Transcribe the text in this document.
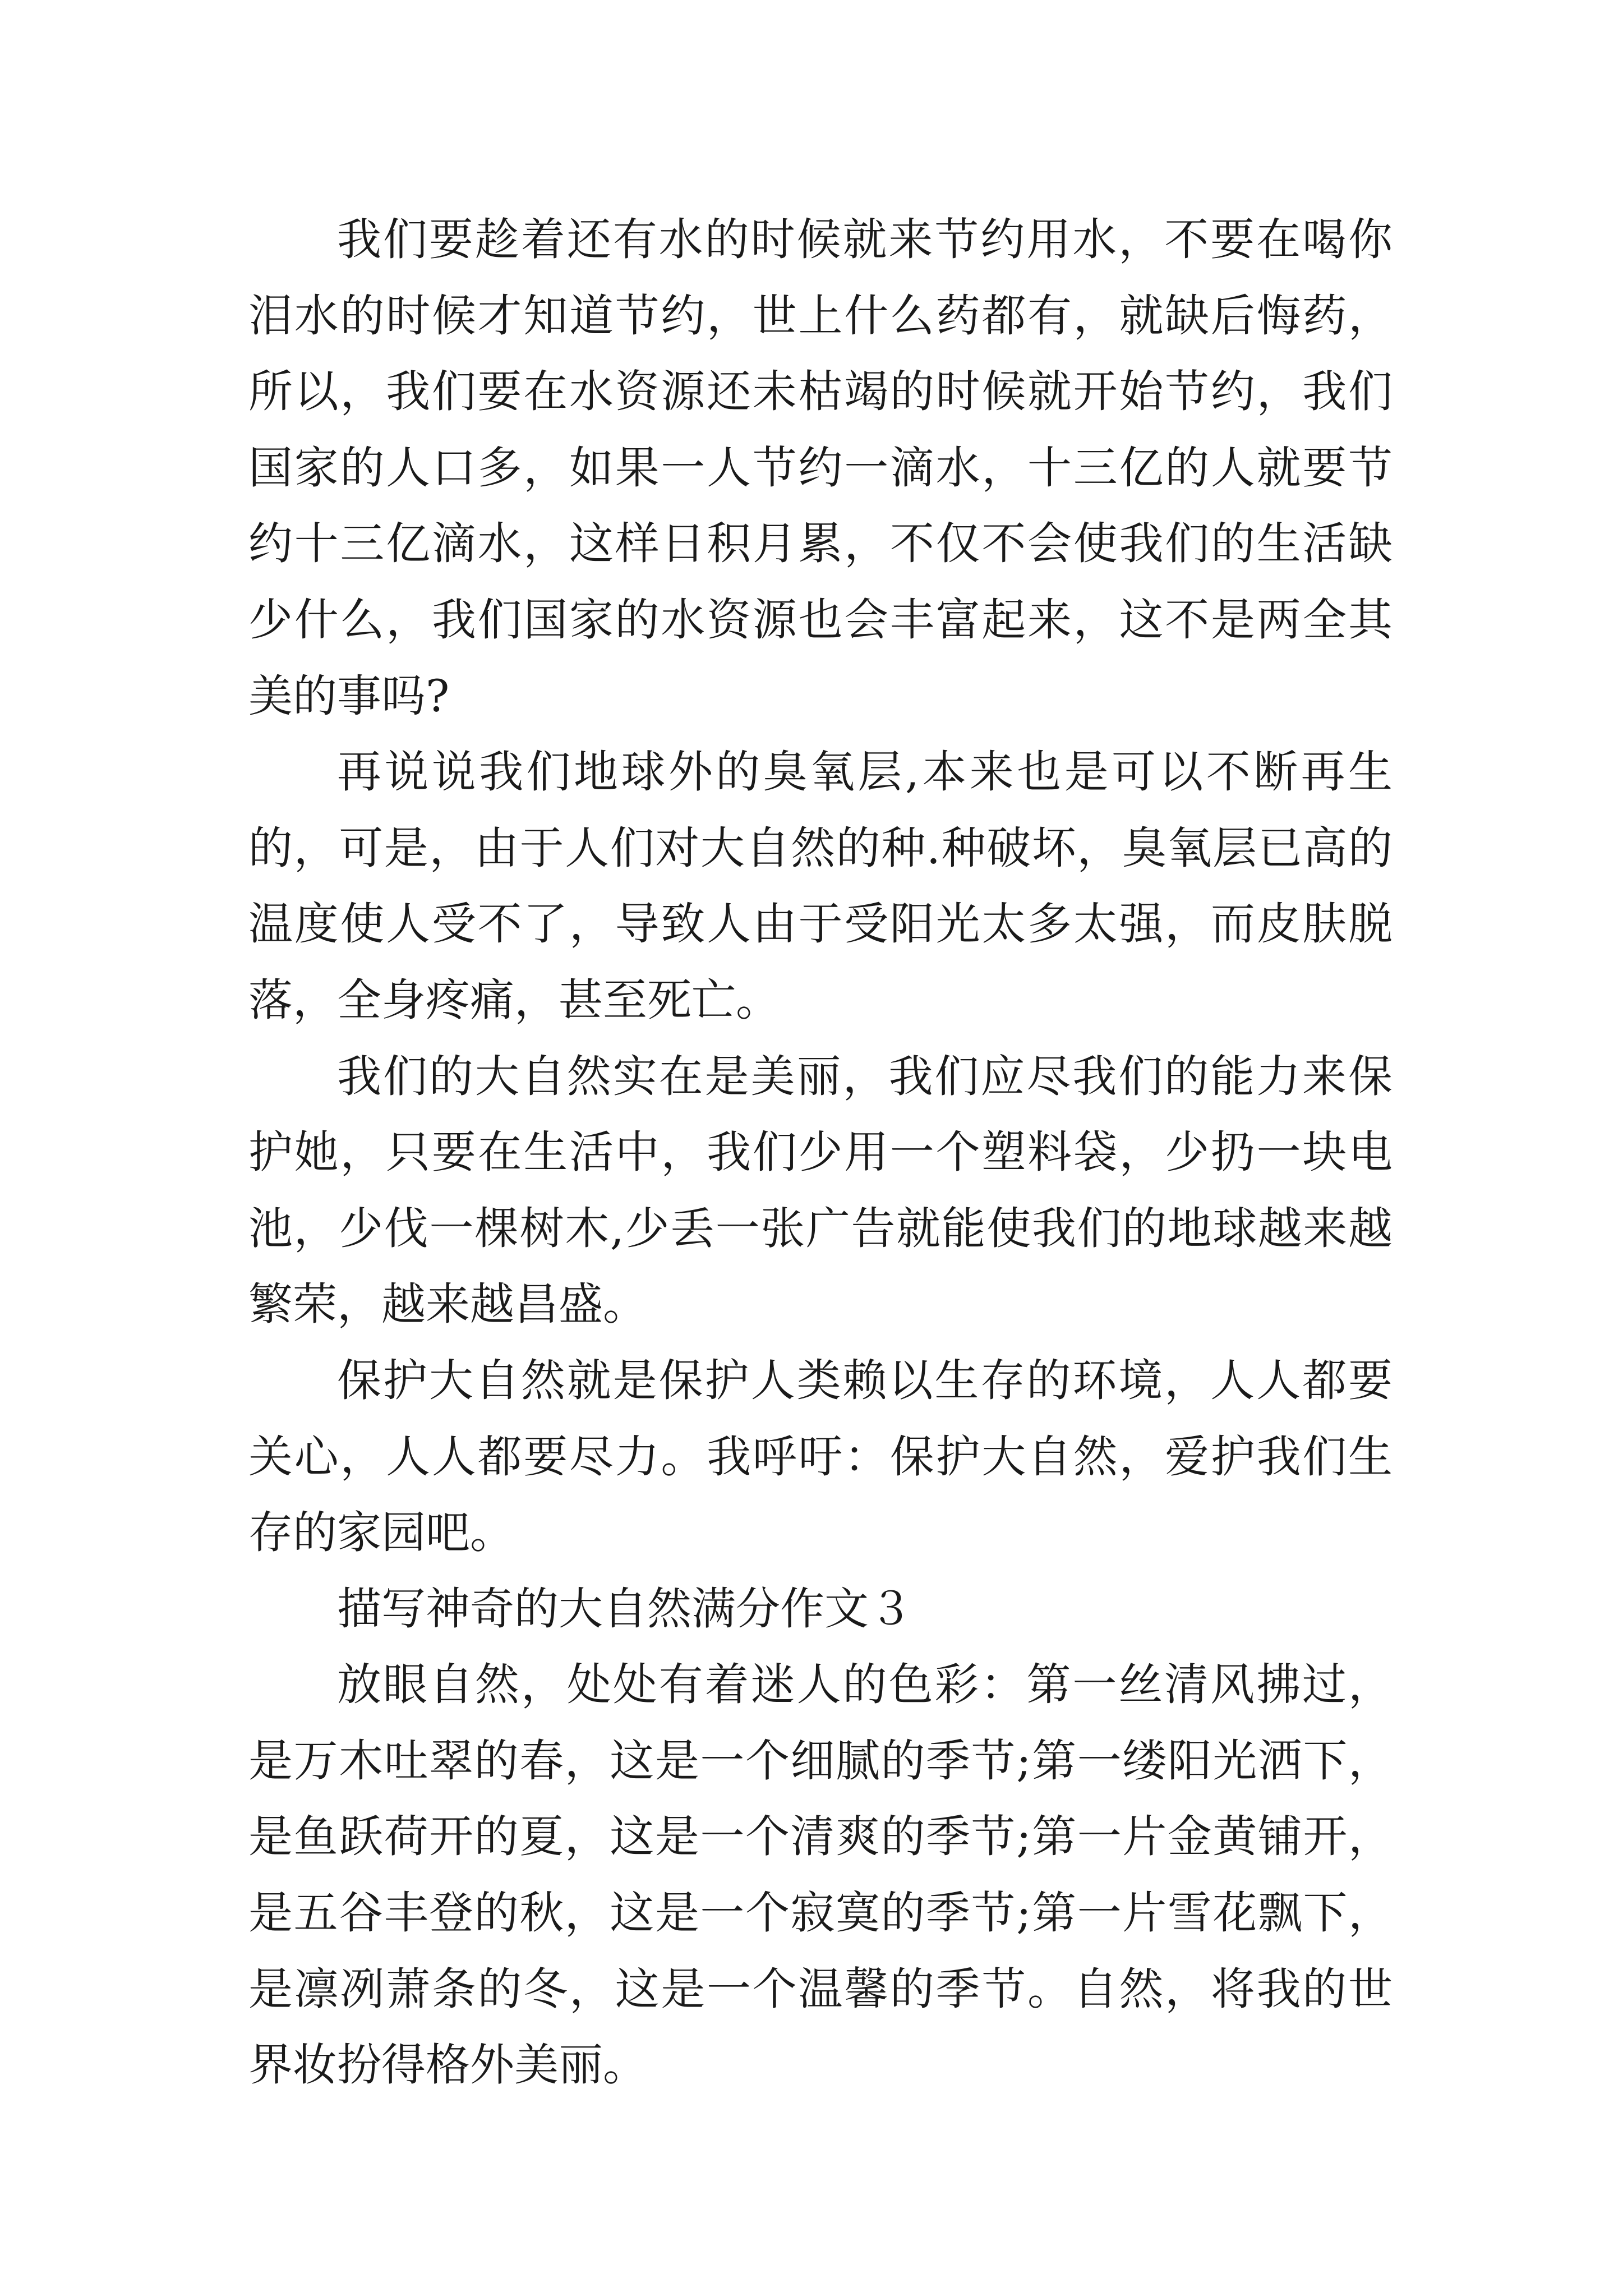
我们要趁着还有水的时候就来节约用水，不要在喝你泪水的时候才知道节约，世上什么药都有，就缺后悔药，所以，我们要在水资源还未枯竭的时候就开始节约，我们国家的人口多，如果一人节约一滴水，十三亿的人就要节约十三亿滴水，这样日积月累，不仅不会使我们的生活缺少什么，我们国家的水资源也会丰富起来，这不是两全其美的事吗?

再说说我们地球外的臭氧层,本来也是可以不断再生的，可是，由于人们对大自然的种.种破坏，臭氧层已高的温度使人受不了，导致人由于受阳光太多太强，而皮肤脱落，全身疼痛，甚至死亡。

我们的大自然实在是美丽，我们应尽我们的能力来保护她，只要在生活中，我们少用一个塑料袋，少扔一块电池，少伐一棵树木,少丢一张广告就能使我们的地球越来越繁荣，越来越昌盛。

保护大自然就是保护人类赖以生存的环境，人人都要关心，人人都要尽力。我呼吁：保护大自然，爱护我们生存的家园吧。

描写神奇的大自然满分作文３

放眼自然，处处有着迷人的色彩：第一丝清风拂过，是万木吐翠的春，这是一个细腻的季节;第一缕阳光洒下，是鱼跃荷开的夏，这是一个清爽的季节;第一片金黄铺开，是五谷丰登的秋，这是一个寂寞的季节;第一片雪花飘下，是凛冽萧条的冬，这是一个温馨的季节。自然，将我的世界妆扮得格外美丽。
